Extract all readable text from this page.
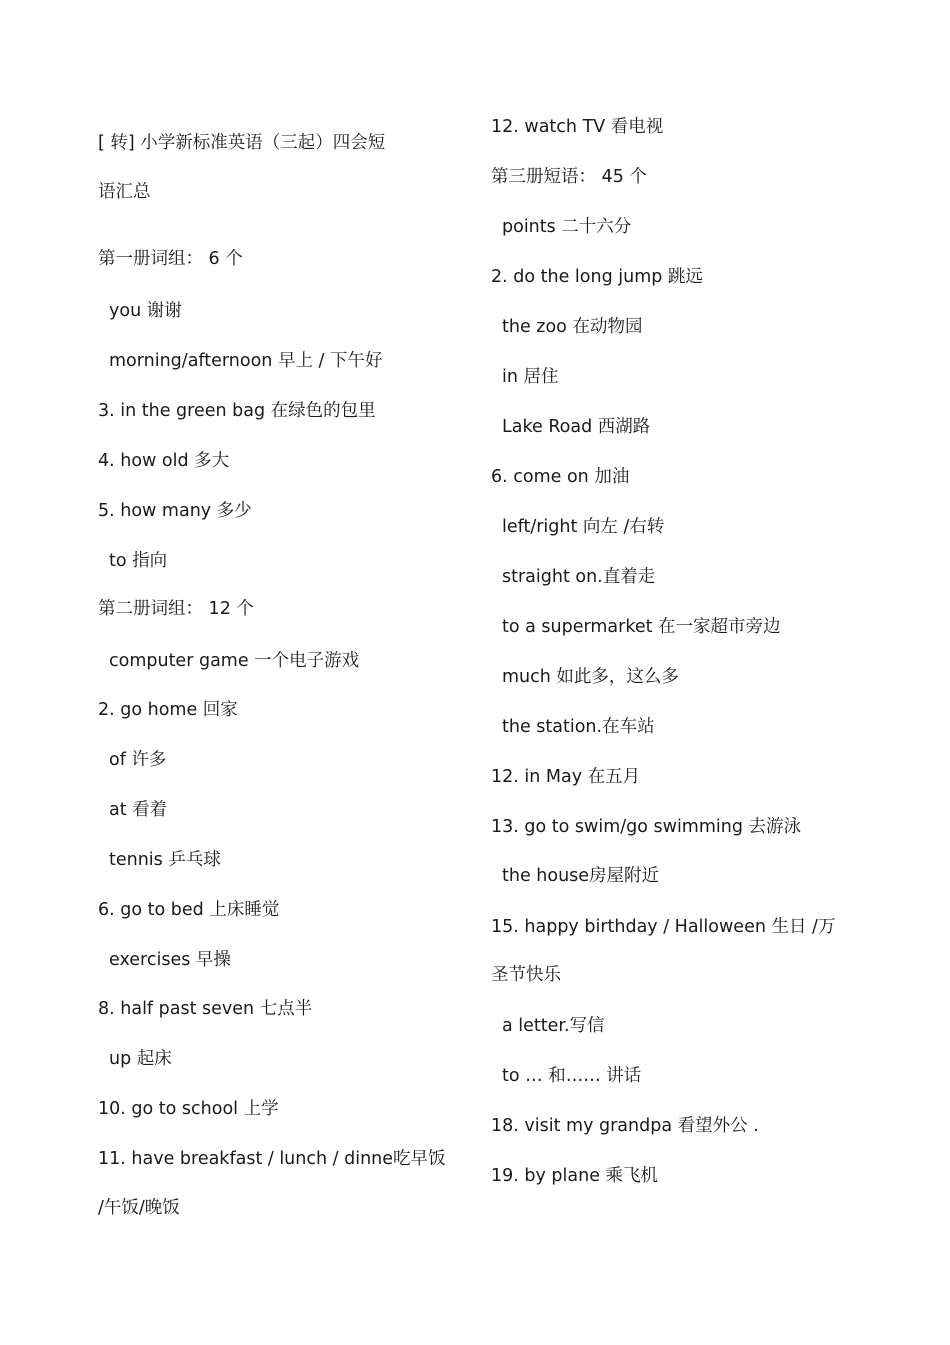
[ 转] 小学新标准英语（三起）四会短

语汇总

第一册词组： 6 个

you 谢谢

morning/afternoon 早上 / 下午好

3. in the green bag 在绿色的包里

4. how old 多大

5. how many 多少

to 指向

第二册词组： 12 个

computer game 一个电子游戏

2. go home 回家

of 许多

at 看着

tennis 乒乓球

6. go to bed 上床睡觉

exercises 早操

8. half past seven 七点半

up 起床

10. go to school 上学

11. have breakfast / lunch / dinne吃早饭

/午饭/晚饭

12. watch TV 看电视

第三册短语： 45 个

points 二十六分

2. do the long jump 跳远

the zoo 在动物园

in 居住

Lake Road 西湖路

6. come on 加油

left/right 向左 /右转

straight on.直着走

to a supermarket 在一家超市旁边

much 如此多，这么多

the station.在车站

12. in May 在五月

13. go to swim/go swimming 去游泳

the house房屋附近

15. happy birthday / Halloween 生日 /万

圣节快乐

a letter.写信

to … 和…… 讲话

18. visit my grandpa 看望外公 .

19. by plane 乘飞机
